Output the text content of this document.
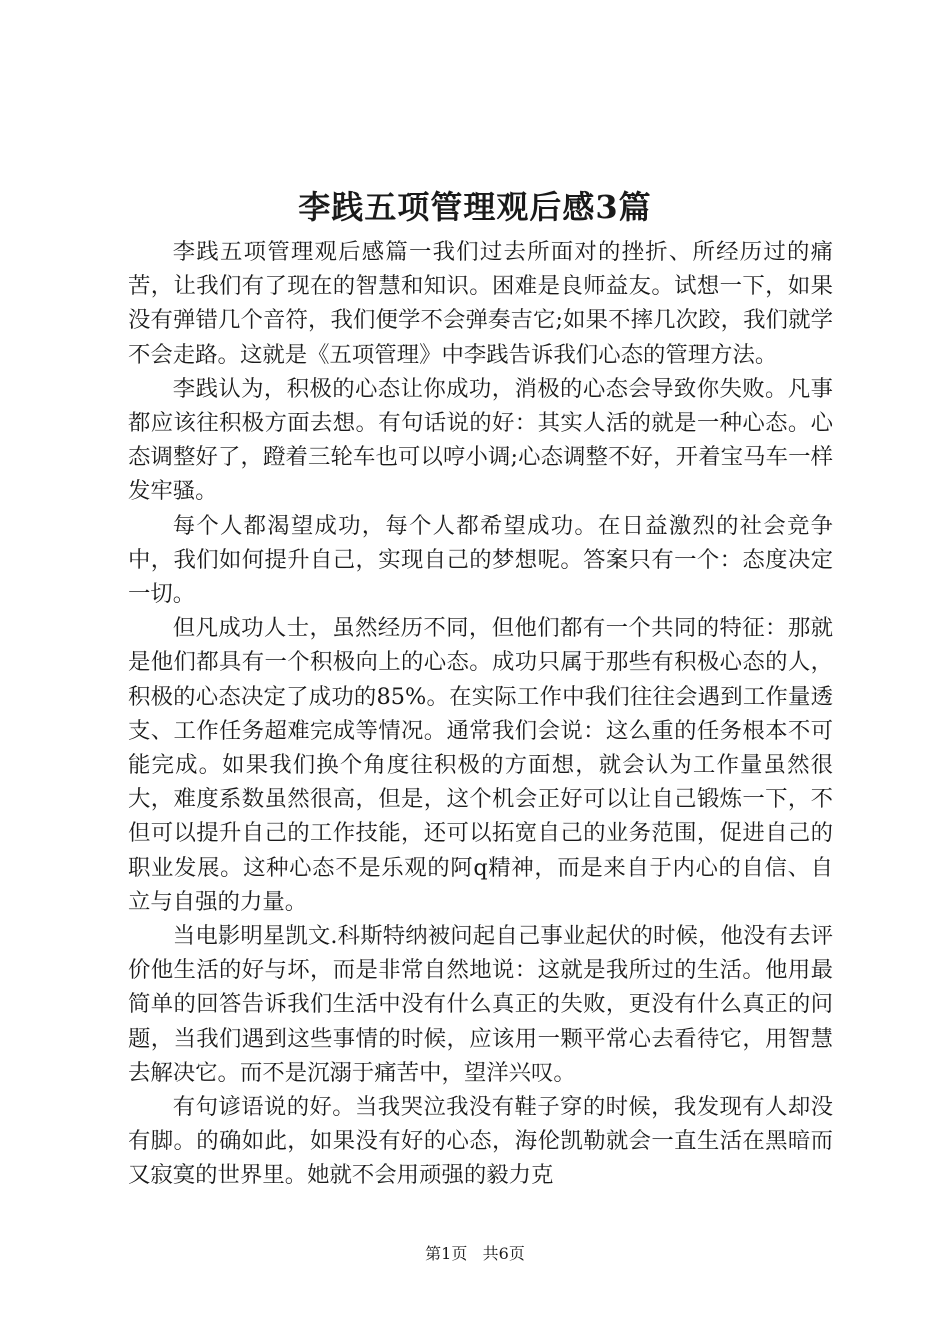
李践五项管理观后感3篇

李践五项管理观后感篇一我们过去所面对的挫折、所经历过的痛苦，让我们有了现在的智慧和知识。困难是良师益友。试想一下，如果没有弹错几个音符，我们便学不会弹奏吉它;如果不摔几次跤，我们就学不会走路。这就是《五项管理》中李践告诉我们心态的管理方法。

李践认为，积极的心态让你成功，消极的心态会导致你失败。凡事都应该往积极方面去想。有句话说的好：其实人活的就是一种心态。心态调整好了，蹬着三轮车也可以哼小调;心态调整不好，开着宝马车一样发牢骚。

每个人都渴望成功，每个人都希望成功。在日益激烈的社会竞争中，我们如何提升自己，实现自己的梦想呢。答案只有一个：态度决定一切。

但凡成功人士，虽然经历不同，但他们都有一个共同的特征：那就是他们都具有一个积极向上的心态。成功只属于那些有积极心态的人，积极的心态决定了成功的85%。在实际工作中我们往往会遇到工作量透支、工作任务超难完成等情况。通常我们会说：这么重的任务根本不可能完成。如果我们换个角度往积极的方面想，就会认为工作量虽然很大，难度系数虽然很高，但是，这个机会正好可以让自己锻炼一下，不但可以提升自己的工作技能，还可以拓宽自己的业务范围，促进自己的职业发展。这种心态不是乐观的阿q精神，而是来自于内心的自信、自立与自强的力量。

当电影明星凯文.科斯特纳被问起自己事业起伏的时候，他没有去评价他生活的好与坏，而是非常自然地说：这就是我所过的生活。他用最简单的回答告诉我们生活中没有什么真正的失败，更没有什么真正的问题，当我们遇到这些事情的时候，应该用一颗平常心去看待它，用智慧去解决它。而不是沉溺于痛苦中，望洋兴叹。

有句谚语说的好。当我哭泣我没有鞋子穿的时候，我发现有人却没有脚。的确如此，如果没有好的心态，海伦凯勒就会一直生活在黑暗而又寂寞的世界里。她就不会用顽强的毅力克

第1页 共6页
